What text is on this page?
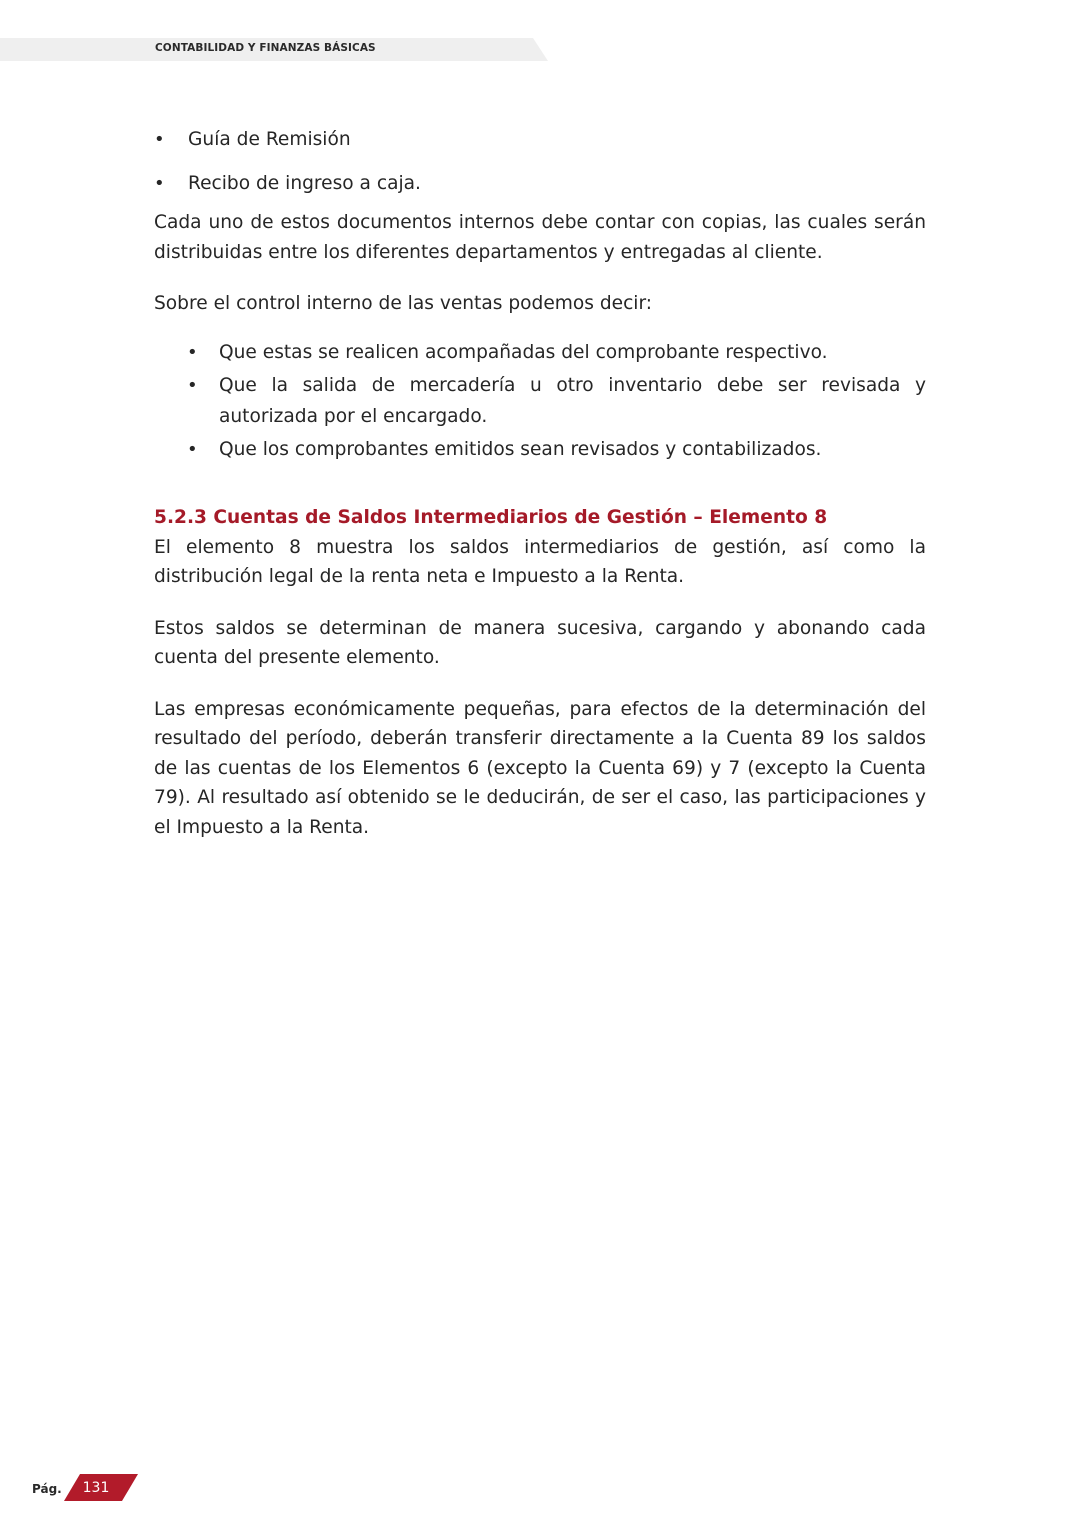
CONTABILIDAD Y FINANZAS BÁSICAS
• Guía de Remisión
• Recibo de ingreso a caja.

Cada uno de estos documentos internos debe contar con copias, las cuales serán distribuidas entre los diferentes departamentos y entregadas al cliente.

Sobre el control interno de las ventas podemos decir:

• Que estas se realicen acompañadas del comprobante respectivo.
• Que la salida de mercadería u otro inventario debe ser revisada y autorizada por el encargado.
• Que los comprobantes emitidos sean revisados y contabilizados.
5.2.3 Cuentas de Saldos Intermediarios de Gestión – Elemento 8

El elemento 8 muestra los saldos intermediarios de gestión, así como la distribución legal de la renta neta e Impuesto a la Renta.

Estos saldos se determinan de manera sucesiva, cargando y abonando cada cuenta del presente elemento.

Las empresas económicamente pequeñas, para efectos de la determinación del resultado del período, deberán transferir directamente a la Cuenta 89 los saldos de las cuentas de los Elementos 6 (excepto la Cuenta 69) y 7 (excepto la Cuenta 79). Al resultado así obtenido se le deducirán, de ser el caso, las participaciones y el Impuesto a la Renta.

Pág.	131
